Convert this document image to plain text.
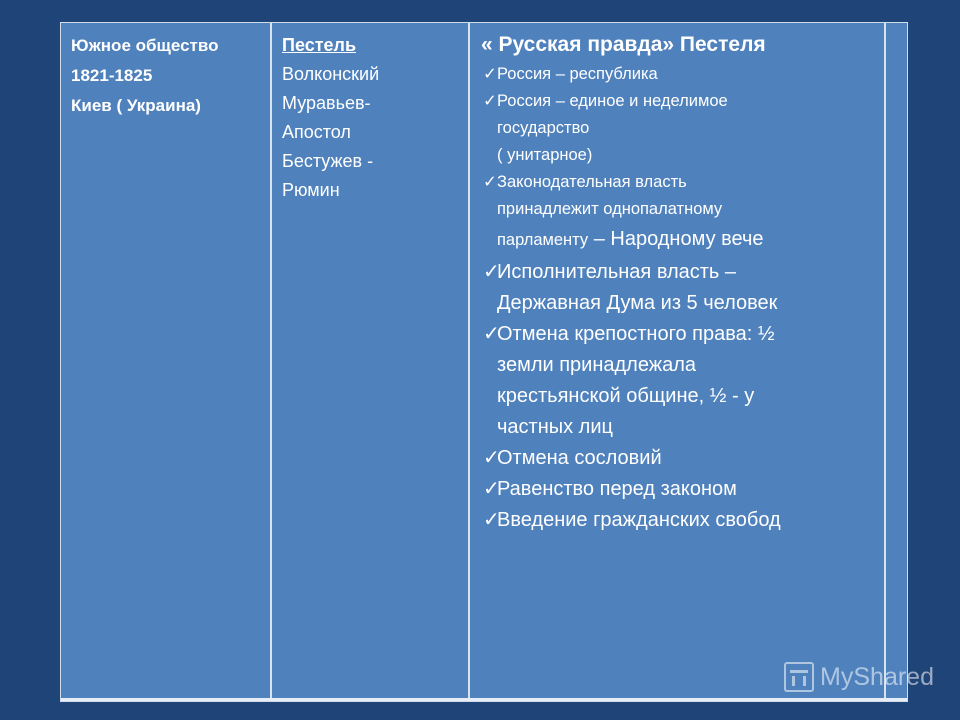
Южное общество
1821-1825
Киев ( Украина)
Пестель
Волконский
Муравьев-
Апостол
Бестужев -
Рюмин
« Русская правда» Пестеля
✓ Россия – республика
✓ Россия – единое и неделимое
государство
( унитарное)
✓ Законодательная власть
принадлежит однопалатному
парламенту – Народному вече
✓
Исполнительная власть –
Державная Дума из 5 человек
✓
Отмена крепостного права: ½
земли принадлежала
крестьянской общине, ½ - у
частных лиц
✓
Отмена сословий
✓
Равенство перед законом
✓
Введение гражданских свобод
MyShared
